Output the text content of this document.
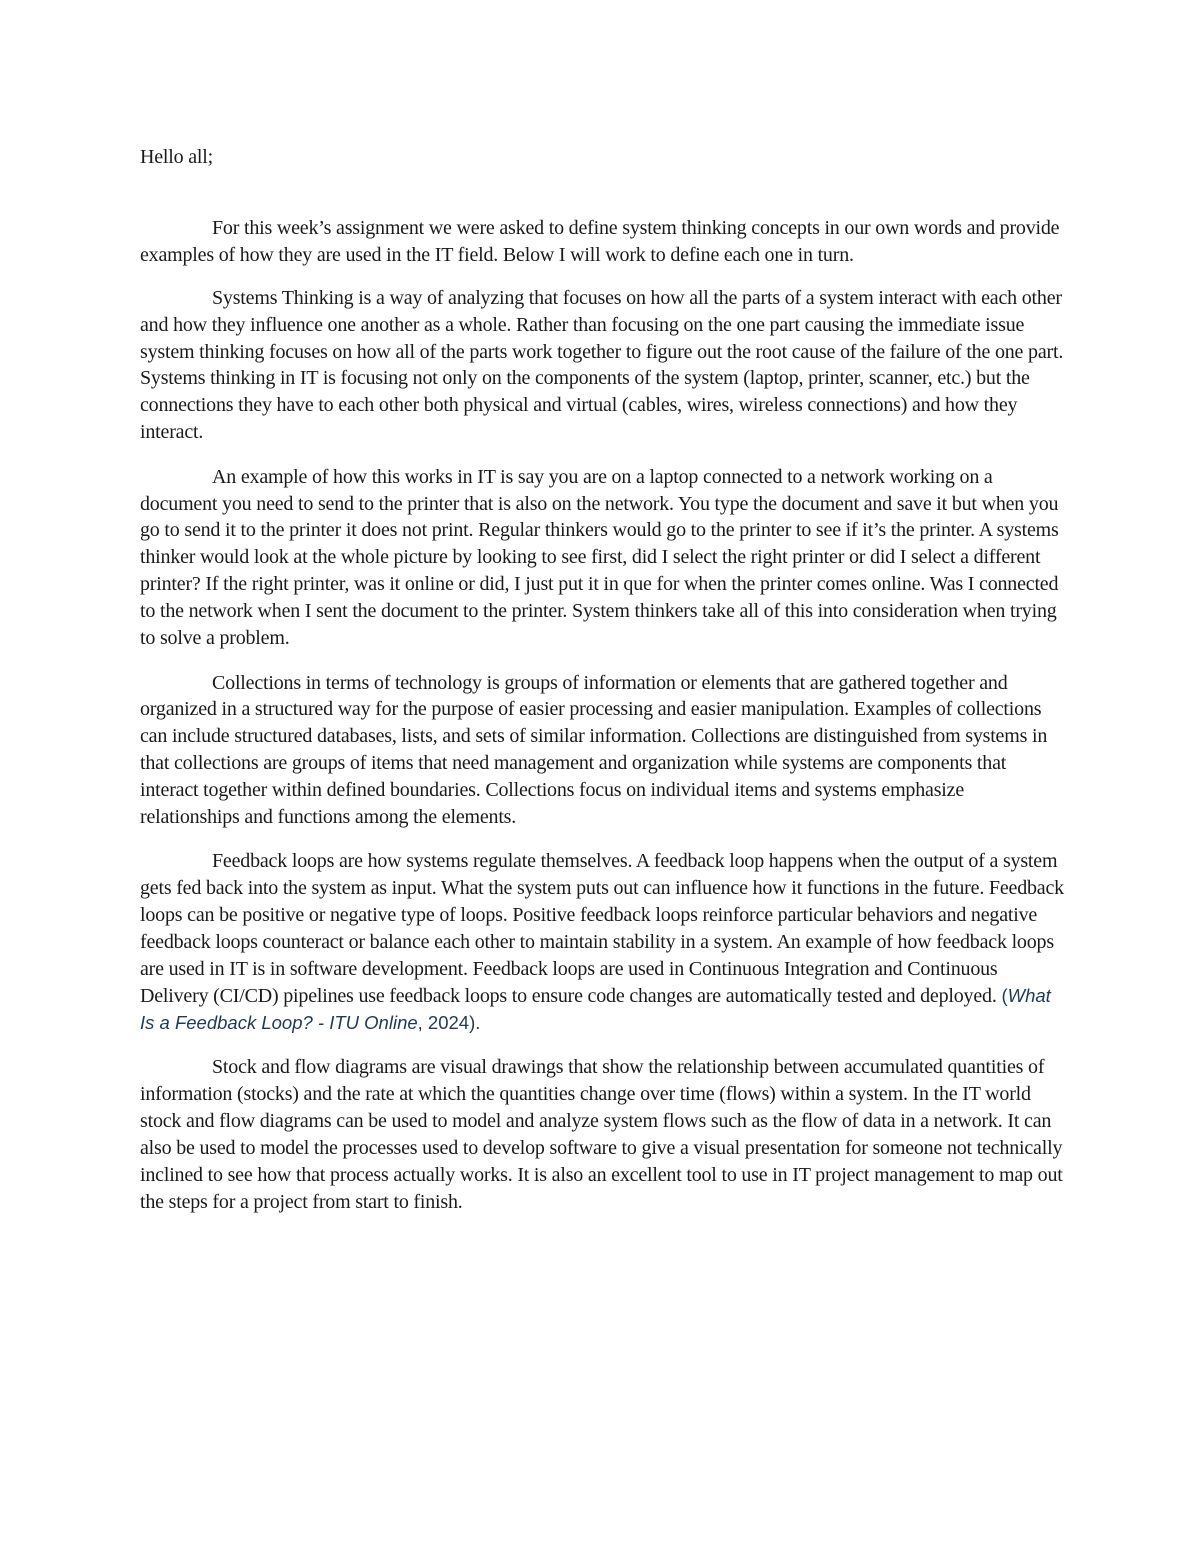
Hello all;

For this week’s assignment we were asked to define system thinking concepts in our own words and provide examples of how they are used in the IT field. Below I will work to define each one in turn.

Systems Thinking is a way of analyzing that focuses on how all the parts of a system interact with each other and how they influence one another as a whole. Rather than focusing on the one part causing the immediate issue system thinking focuses on how all of the parts work together to figure out the root cause of the failure of the one part. Systems thinking in IT is focusing not only on the components of the system (laptop, printer, scanner, etc.) but the connections they have to each other both physical and virtual (cables, wires, wireless connections) and how they interact.

An example of how this works in IT is say you are on a laptop connected to a network working on a document you need to send to the printer that is also on the network. You type the document and save it but when you go to send it to the printer it does not print. Regular thinkers would go to the printer to see if it’s the printer. A systems thinker would look at the whole picture by looking to see first, did I select the right printer or did I select a different printer? If the right printer, was it online or did, I just put it in que for when the printer comes online. Was I connected to the network when I sent the document to the printer. System thinkers take all of this into consideration when trying to solve a problem.

Collections in terms of technology is groups of information or elements that are gathered together and organized in a structured way for the purpose of easier processing and easier manipulation. Examples of collections can include structured databases, lists, and sets of similar information. Collections are distinguished from systems in that collections are groups of items that need management and organization while systems are components that interact together within defined boundaries. Collections focus on individual items and systems emphasize relationships and functions among the elements.

Feedback loops are how systems regulate themselves. A feedback loop happens when the output of a system gets fed back into the system as input. What the system puts out can influence how it functions in the future. Feedback loops can be positive or negative type of loops. Positive feedback loops reinforce particular behaviors and negative feedback loops counteract or balance each other to maintain stability in a system. An example of how feedback loops are used in IT is in software development. Feedback loops are used in Continuous Integration and Continuous Delivery (CI/CD) pipelines use feedback loops to ensure code changes are automatically tested and deployed. (What Is a Feedback Loop? - ITU Online, 2024).

Stock and flow diagrams are visual drawings that show the relationship between accumulated quantities of information (stocks) and the rate at which the quantities change over time (flows) within a system. In the IT world stock and flow diagrams can be used to model and analyze system flows such as the flow of data in a network. It can also be used to model the processes used to develop software to give a visual presentation for someone not technically inclined to see how that process actually works. It is also an excellent tool to use in IT project management to map out the steps for a project from start to finish.
